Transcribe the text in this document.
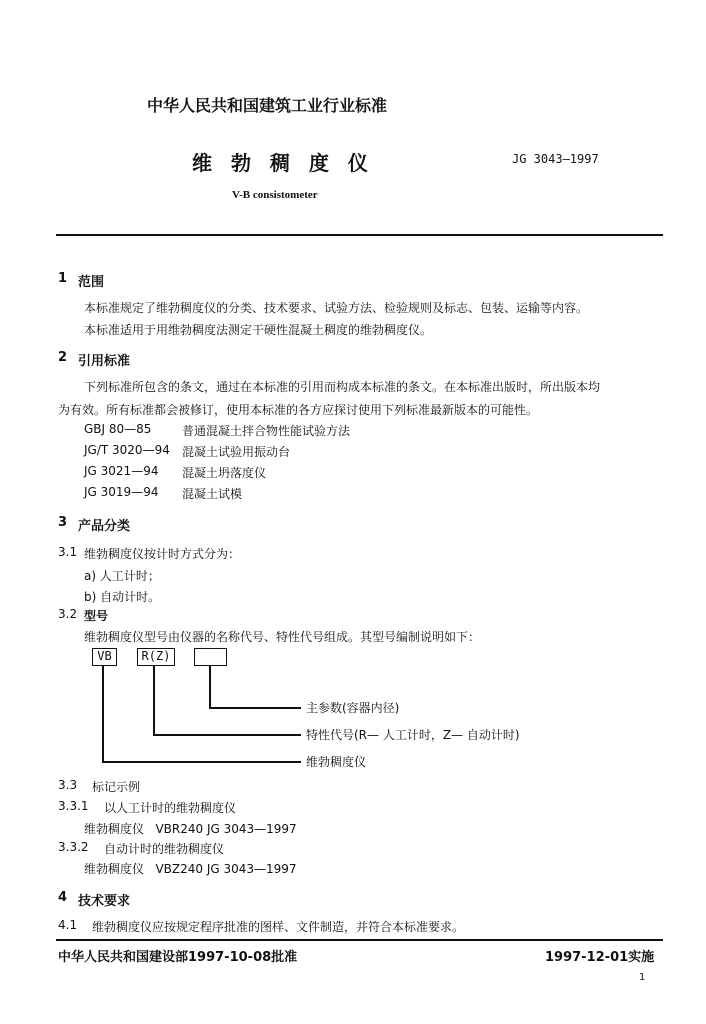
中华人民共和国建筑工业行业标准
维 勃 稠 度 仪	JG 3043—1997
V-B consistometer
1 范围
本标准规定了维勃稠度仪的分类、技术要求、试验方法、检验规则及标志、包装、运输等内容。
本标准适用于用维勃稠度法测定干硬性混凝土稠度的维勃稠度仪。
2 引用标准
下列标准所包含的条文，通过在本标准的引用而构成本标准的条文。在本标准出版时，所出版本均
为有效。所有标准都会被修订，使用本标准的各方应探讨使用下列标准最新版本的可能性。
GBJ 80—85	普通混凝土拌合物性能试验方法
JG/T 3020—94 混凝土试验用振动台
JG 3021—94 混凝土坍落度仪
JG 3019—94 混凝土试模
3 产品分类
3.1 维勃稠度仪按计时方式分为：
a) 人工计时；
b) 自动计时。
3.2 型号
维勃稠度仪型号由仪器的名称代号、特性代号组成。其型号编制说明如下：
VB	R(Z)
主参数(容器内径)
特性代号(R— 人工计时，Z— 自动计时)
维勃稠度仪
3.3 标记示例
3.3.1 以人工计时的维勃稠度仪
维勃稠度仪   VBR240 JG 3043—1997
3.3.2 自动计时的维勃稠度仪
维勃稠度仪   VBZ240 JG 3043—1997
4 技术要求
4.1 维勃稠度仪应按规定程序批准的图样、文件制造，并符合本标准要求。
中华人民共和国建设部1997-10-08批准	1997-12-01实施
1
